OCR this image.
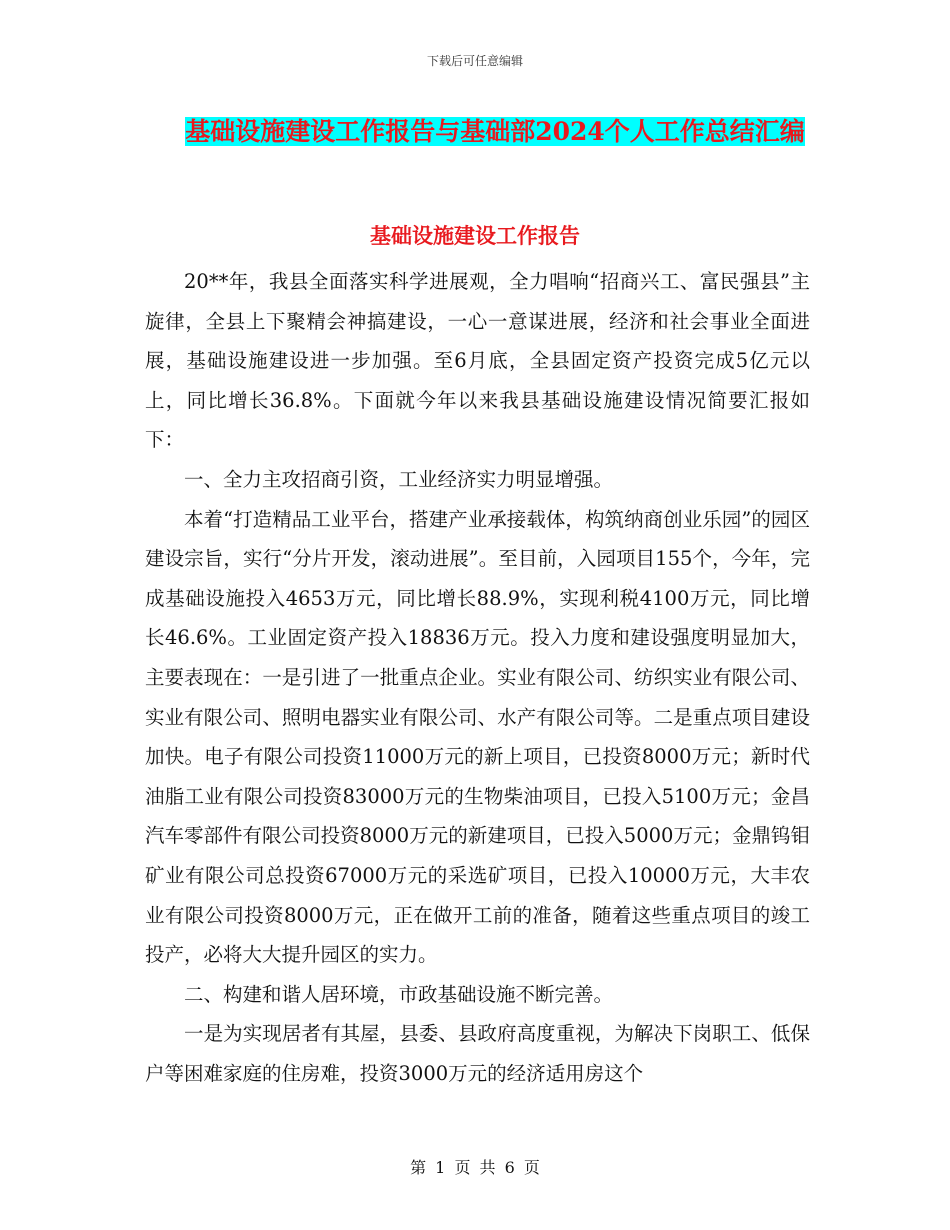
下载后可任意编辑
基础设施建设工作报告与基础部2024个人工作总结汇编
基础设施建设工作报告

20**年，我县全面落实科学进展观，全力唱响“招商兴工、富民强县”主旋律，全县上下聚精会神搞建设，一心一意谋进展，经济和社会事业全面进展，基础设施建设进一步加强。至6月底，全县固定资产投资完成5亿元以上，同比增长36.8%。下面就今年以来我县基础设施建设情况简要汇报如下：

一、全力主攻招商引资，工业经济实力明显增强。

本着“打造精品工业平台，搭建产业承接载体，构筑纳商创业乐园”的园区建设宗旨，实行“分片开发，滚动进展”。至目前，入园项目155个，今年，完成基础设施投入4653万元，同比增长88.9%，实现利税4100万元，同比增长46.6%。工业固定资产投入18836万元。投入力度和建设强度明显加大，主要表现在：一是引进了一批重点企业。实业有限公司、纺织实业有限公司、实业有限公司、照明电器实业有限公司、水产有限公司等。二是重点项目建设加快。电子有限公司投资11000万元的新上项目，已投资8000万元；新时代油脂工业有限公司投资83000万元的生物柴油项目，已投入5100万元；金昌汽车零部件有限公司投资8000万元的新建项目，已投入5000万元；金鼎钨钼矿业有限公司总投资67000万元的采选矿项目，已投入10000万元，大丰农业有限公司投资8000万元，正在做开工前的准备，随着这些重点项目的竣工投产，必将大大提升园区的实力。

二、构建和谐人居环境，市政基础设施不断完善。

一是为实现居者有其屋，县委、县政府高度重视，为解决下岗职工、低保户等困难家庭的住房难，投资3000万元的经济适用房这个

第 1 页 共 6 页
